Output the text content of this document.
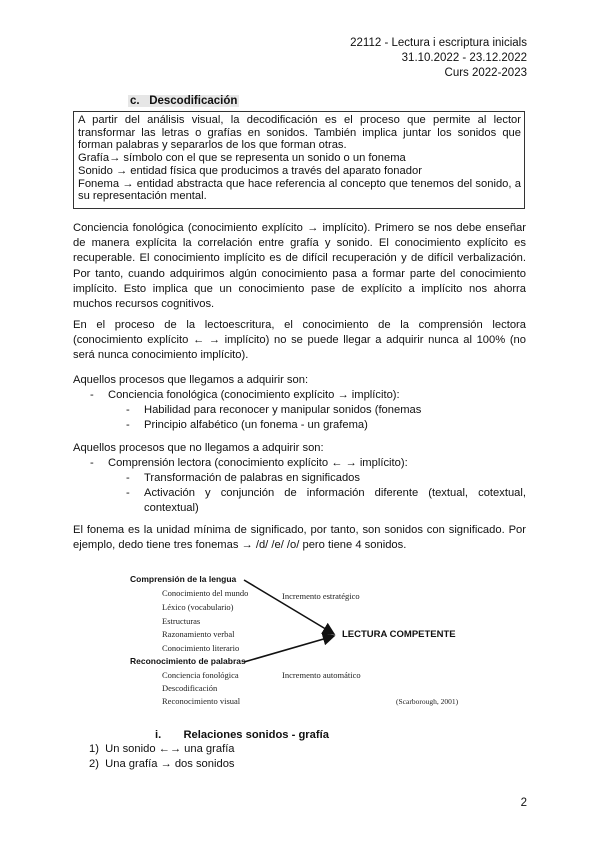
22112 - Lectura i escriptura inicials
31.10.2022 - 23.12.2022
Curs 2022-2023
c. Descodificación

A partir del análisis visual, la decodificación es el proceso que permite al lector transformar las letras o grafías en sonidos. También implica juntar los sonidos que forman palabras y separarlos de los que forman otras.

Grafía→ símbolo con el que se representa un sonido o un fonema

Sonido → entidad física que producimos a través del aparato fonador

Fonema → entidad abstracta que hace referencia al concepto que tenemos del sonido, a su representación mental.

Conciencia fonológica (conocimiento explícito → implícito). Primero se nos debe enseñar de manera explícita la correlación entre grafía y sonido. El conocimiento explícito es recuperable. El conocimiento implícito es de difícil recuperación y de difícil verbalización. Por tanto, cuando adquirimos algún conocimiento pasa a formar parte del conocimiento implícito. Esto implica que un conocimiento pase de explícito a implícito nos ahorra muchos recursos cognitivos.

En el proceso de la lectoescritura, el conocimiento de la comprensión lectora (conocimiento explícito ← → implícito) no se puede llegar a adquirir nunca al 100% (no será nunca conocimiento implícito).

Aquellos procesos que llegamos a adquirir son:
- Conciencia fonológica (conocimiento explícito → implícito):
- Habilidad para reconocer y manipular sonidos (fonemas
- Principio alfabético (un fonema - un grafema)
Aquellos procesos que no llegamos a adquirir son:
- Comprensión lectora (conocimiento explícito ← → implícito):
- Transformación de palabras en significados
- Activación y conjunción de información diferente (textual, cotextual, contextual)

El fonema es la unidad mínima de significado, por tanto, son sonidos con significado. Por ejemplo, dedo tiene tres fonemas → /d/ /e/ /o/ pero tiene 4 sonidos.

Comprensión de la lengua
Conocimiento del mundo
Léxico (vocabulario)
Estructuras
Razonamiento verbal
Conocimiento literario
Reconocimiento de palabras
Conciencia fonológica
Descodificación
Reconocimiento visual
Incremento estratégico
Incremento automático
LECTURA COMPETENTE
(Scarborough, 2001)
i. Relaciones sonidos - grafía
1) Un sonido ←→ una grafía
2) Una grafía → dos sonidos
2
